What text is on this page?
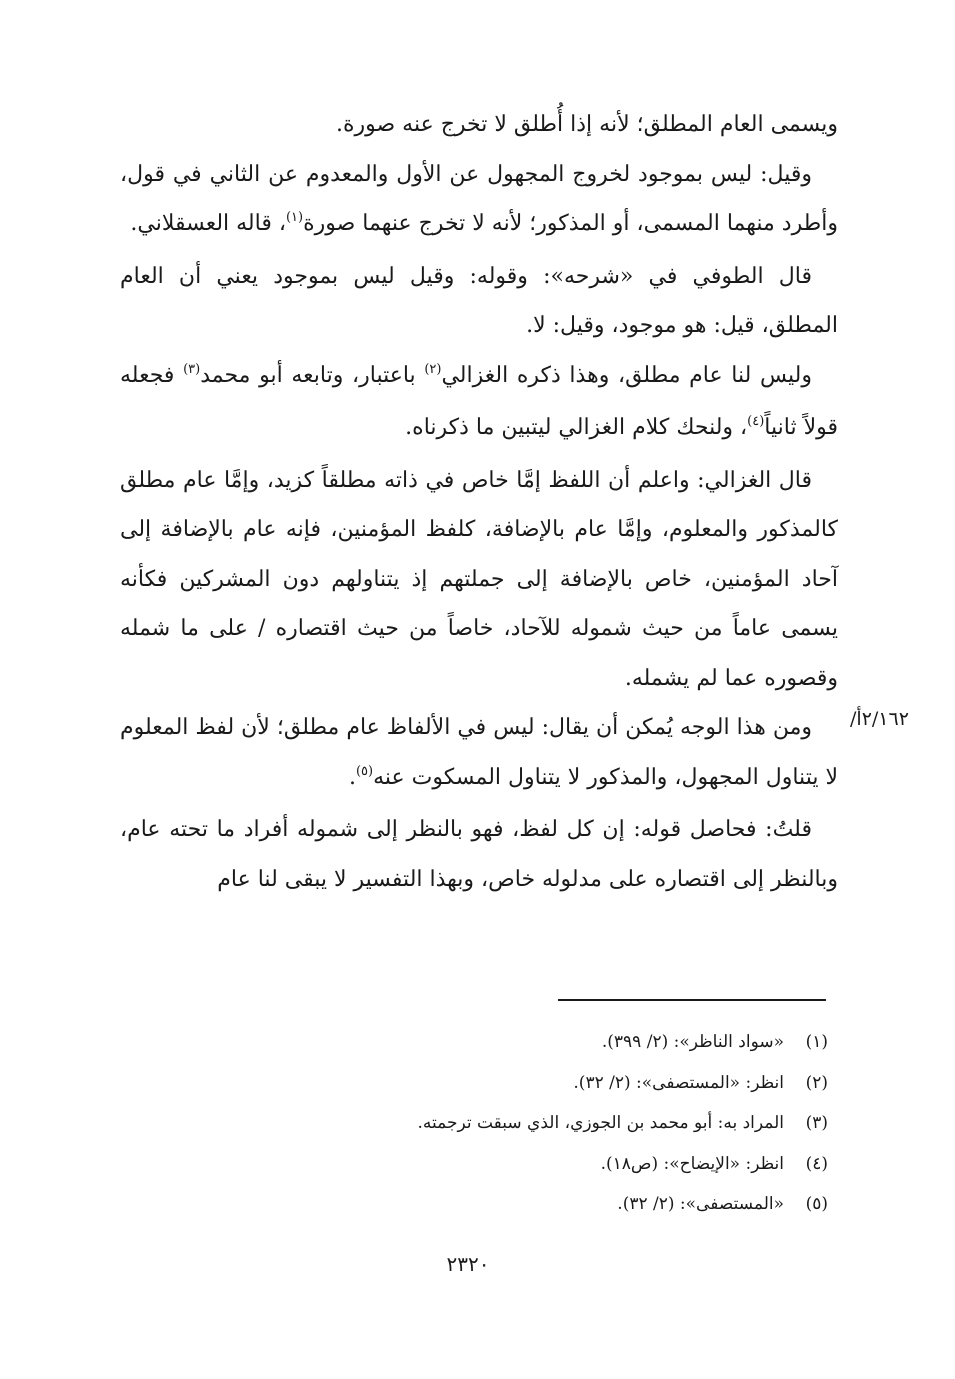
ويسمى العام المطلق؛ لأنه إذا أُطلق لا تخرج عنه صورة.

وقيل: ليس بموجود لخروج المجهول عن الأول والمعدوم عن الثاني في قول، وأطرد منهما المسمى، أو المذكور؛ لأنه لا تخرج عنهما صورة$^{(١)}$، قاله العسقلاني.

قال الطوفي في «شرحه»: وقوله: وقيل ليس بموجود يعني أن العام المطلق، قيل: هو موجود، وقيل: لا.

وليس لنا عام مطلق، وهذا ذكره الغزالي$^{(٢)}$ باعتبار، وتابعه أبو محمد$^{(٣)}$ فجعله قولاً ثانياً$^{(٤)}$، ولنحك كلام الغزالي ليتبين ما ذكرناه.

قال الغزالي: واعلم أن اللفظ إمَّا خاص في ذاته مطلقاً كزيد، وإمَّا عام مطلق كالمذكور والمعلوم، وإمَّا عام بالإضافة، كلفظ المؤمنين، فإنه عام بالإضافة إلى آحاد المؤمنين، خاص بالإضافة إلى جملتهم إذ يتناولهم دون المشركين فكأنه يسمى عاماً من حيث شموله للآحاد، خاصاً من حيث اقتصاره / على ما شمله وقصوره عما لم يشمله.

ومن هذا الوجه يُمكن أن يقال: ليس في الألفاظ عام مطلق؛ لأن لفظ المعلوم لا يتناول المجهول، والمذكور لا يتناول المسكوت عنه$^{(٥)}$.

قلتُ: فحاصل قوله: إن كل لفظ، فهو بالنظر إلى شموله أفراد ما تحته عام، وبالنظر إلى اقتصاره على مدلوله خاص، وبهذا التفسير لا يبقى لنا عام

/٢/١٦٢أ
(١)«سواد الناظر»: (٢/ ٣٩٩).
(٢)انظر: «المستصفى»: (٢/ ٣٢).
(٣)المراد به: أبو محمد بن الجوزي، الذي سبقت ترجمته.
(٤)انظر: «الإيضاح»: (ص١٨).
(٥)«المستصفى»: (٢/ ٣٢).
٢٣٢٠
